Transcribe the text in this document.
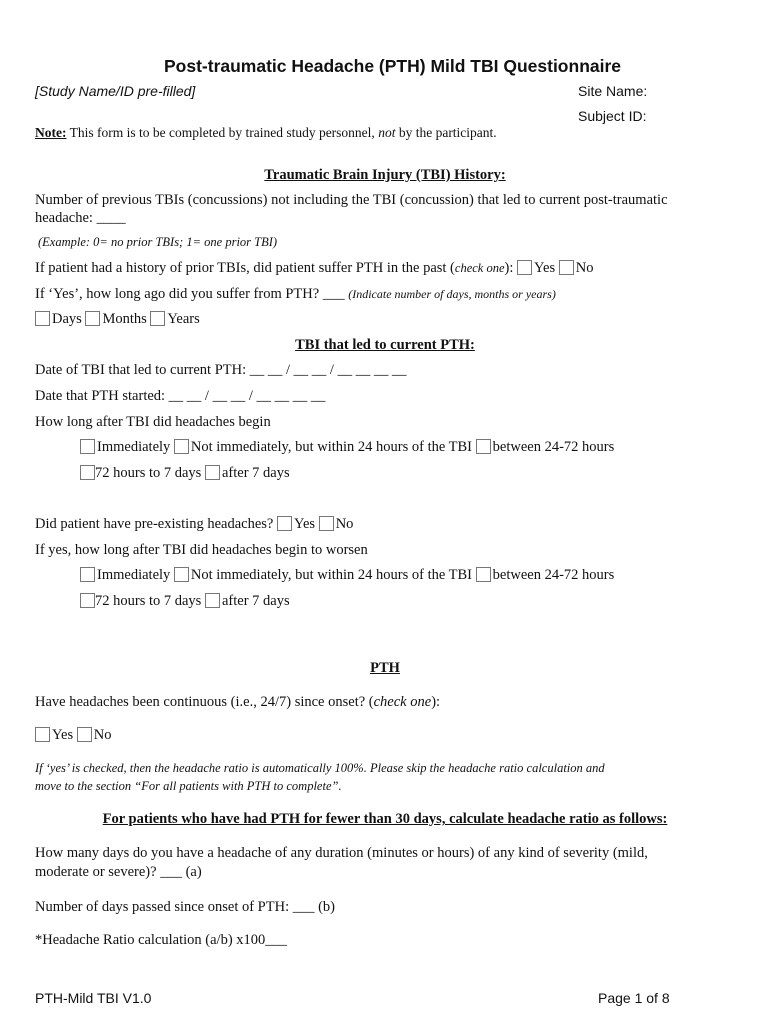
Post-traumatic Headache (PTH) Mild TBI Questionnaire
[Study Name/ID pre-filled]	Site Name:
Subject ID:
Note: This form is to be completed by trained study personnel, not by the participant.
Traumatic Brain Injury (TBI) History:
Number of previous TBIs (concussions) not including the TBI (concussion) that led to current post-traumatic
headache: ____
(Example: 0= no prior TBIs; 1= one prior TBI)
If patient had a history of prior TBIs, did patient suffer PTH in the past (check one): Yes No
If ‘Yes’, how long ago did you suffer from PTH? ___ (Indicate number of days, months or years)
Days Months Years
TBI that led to current PTH:
Date of TBI that led to current PTH: __ __ / __ __ / __ __ __ __
Date that PTH started: __ __ / __ __ / __ __ __ __
How long after TBI did headaches begin
Immediately Not immediately, but within 24 hours of the TBI between 24-72 hours
72 hours to 7 days after 7 days
Did patient have pre-existing headaches? Yes No
If yes, how long after TBI did headaches begin to worsen
Immediately Not immediately, but within 24 hours of the TBI between 24-72 hours
72 hours to 7 days after 7 days
PTH
Have headaches been continuous (i.e., 24/7) since onset? (check one):
Yes No
If ‘yes’ is checked, then the headache ratio is automatically 100%. Please skip the headache ratio calculation and
move to the section “For all patients with PTH to complete”.
For patients who have had PTH for fewer than 30 days, calculate headache ratio as follows:
How many days do you have a headache of any duration (minutes or hours) of any kind of severity (mild,
moderate or severe)? ___ (a)
Number of days passed since onset of PTH: ___ (b)
*Headache Ratio calculation (a/b) x100___
PTH-Mild TBI V1.0	Page 1 of 8
